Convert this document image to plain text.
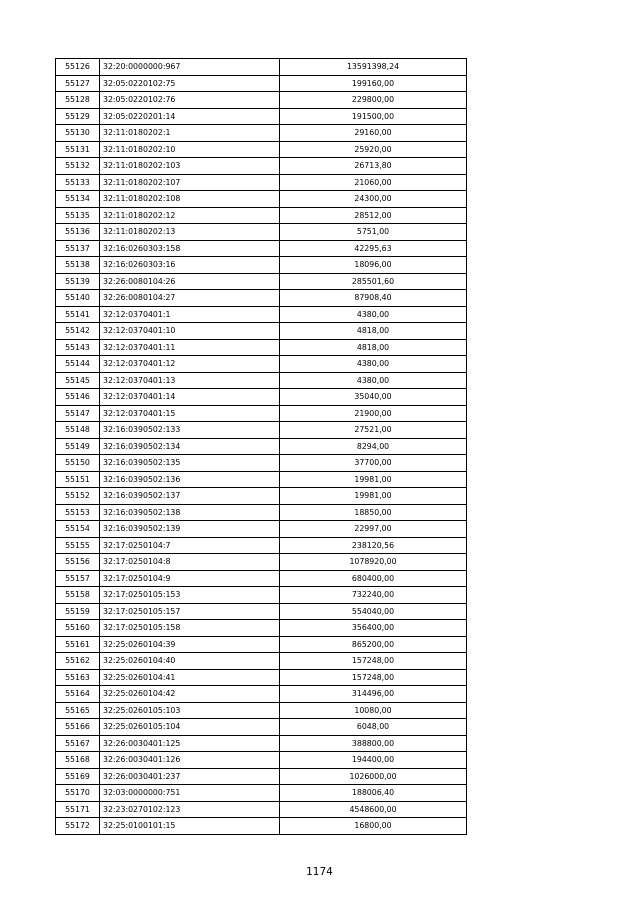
55126	32:20:0000000:967	13591398,24
55127	32:05:0220102:75	199160,00
55128	32:05:0220102:76	229800,00
55129	32:05:0220201:14	191500,00
55130	32:11:0180202:1	29160,00
55131	32:11:0180202:10	25920,00
55132	32:11:0180202:103	26713,80
55133	32:11:0180202:107	21060,00
55134	32:11:0180202:108	24300,00
55135	32:11:0180202:12	28512,00
55136	32:11:0180202:13	5751,00
55137	32:16:0260303:158	42295,63
55138	32:16:0260303:16	18096,00
55139	32:26:0080104:26	285501,60
55140	32:26:0080104:27	87908,40
55141	32:12:0370401:1	4380,00
55142	32:12:0370401:10	4818,00
55143	32:12:0370401:11	4818,00
55144	32:12:0370401:12	4380,00
55145	32:12:0370401:13	4380,00
55146	32:12:0370401:14	35040,00
55147	32:12:0370401:15	21900,00
55148	32:16:0390502:133	27521,00
55149	32:16:0390502:134	8294,00
55150	32:16:0390502:135	37700,00
55151	32:16:0390502:136	19981,00
55152	32:16:0390502:137	19981,00
55153	32:16:0390502:138	18850,00
55154	32:16:0390502:139	22997,00
55155	32:17:0250104:7	238120,56
55156	32:17:0250104:8	1078920,00
55157	32:17:0250104:9	680400,00
55158	32:17:0250105:153	732240,00
55159	32:17:0250105:157	554040,00
55160	32:17:0250105:158	356400,00
55161	32:25:0260104:39	865200,00
55162	32:25:0260104:40	157248,00
55163	32:25:0260104:41	157248,00
55164	32:25:0260104:42	314496,00
55165	32:25:0260105:103	10080,00
55166	32:25:0260105:104	6048,00
55167	32:26:0030401:125	388800,00
55168	32:26:0030401:126	194400,00
55169	32:26:0030401:237	1026000,00
55170	32:03:0000000:751	188006,40
55171	32:23:0270102:123	4548600,00
55172	32:25:0100101:15	16800,00
1174
